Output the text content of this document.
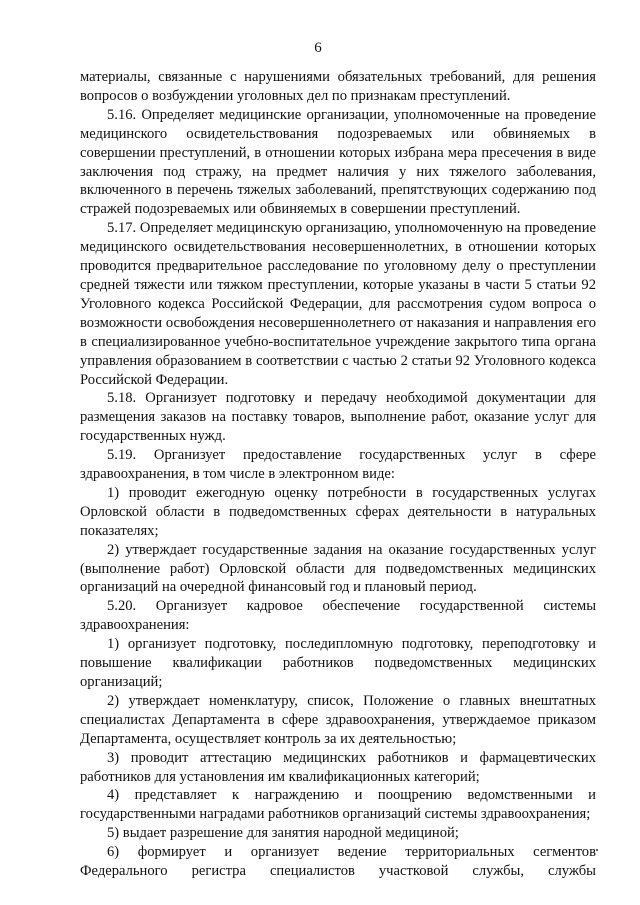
6

материалы, связанные с нарушениями обязательных требований, для решения вопросов о возбуждении уголовных дел по признакам преступлений.

5.16. Определяет медицинские организации, уполномоченные на проведение медицинского освидетельствования подозреваемых или обвиняемых в совершении преступлений, в отношении которых избрана мера пресечения в виде заключения под стражу, на предмет наличия у них тяжелого заболевания, включенного в перечень тяжелых заболеваний, препятствующих содержанию под стражей подозреваемых или обвиняемых в совершении преступлений.

5.17. Определяет медицинскую организацию, уполномоченную на проведение медицинского освидетельствования несовершеннолетних, в отношении которых проводится предварительное расследование по уголовному делу о преступлении средней тяжести или тяжком преступлении, которые указаны в части 5 статьи 92 Уголовного кодекса Российской Федерации, для рассмотрения судом вопроса о возможности освобождения несовершеннолетнего от наказания и направления его в специализированное учебно-воспитательное учреждение закрытого типа органа управления образованием в соответствии с частью 2 статьи 92 Уголовного кодекса Российской Федерации.

5.18. Организует подготовку и передачу необходимой документации для размещения заказов на поставку товаров, выполнение работ, оказание услуг для государственных нужд.

5.19. Организует предоставление государственных услуг в сфере здравоохранения, в том числе в электронном виде:

1) проводит ежегодную оценку потребности в государственных услугах Орловской области в подведомственных сферах деятельности в натуральных показателях;

2) утверждает государственные задания на оказание государственных услуг (выполнение работ) Орловской области для подведомственных медицинских организаций на очередной финансовый год и плановый период.

5.20. Организует кадровое обеспечение государственной системы здравоохранения:

1) организует подготовку, последипломную подготовку, переподготовку и повышение квалификации работников подведомственных медицинских организаций;

2) утверждает номенклатуру, список, Положение о главных внештатных специалистах Департамента в сфере здравоохранения, утверждаемое приказом Департамента, осуществляет контроль за их деятельностью;

3) проводит аттестацию медицинских работников и фармацевтических работников для установления им квалификационных категорий;

4) представляет к награждению и поощрению ведомственными и государственными наградами работников организаций системы здравоохранения;

5) выдает разрешение для занятия народной медициной;

6) формирует и организует ведение территориальных сегментов Федерального регистра специалистов участковой службы, службы
